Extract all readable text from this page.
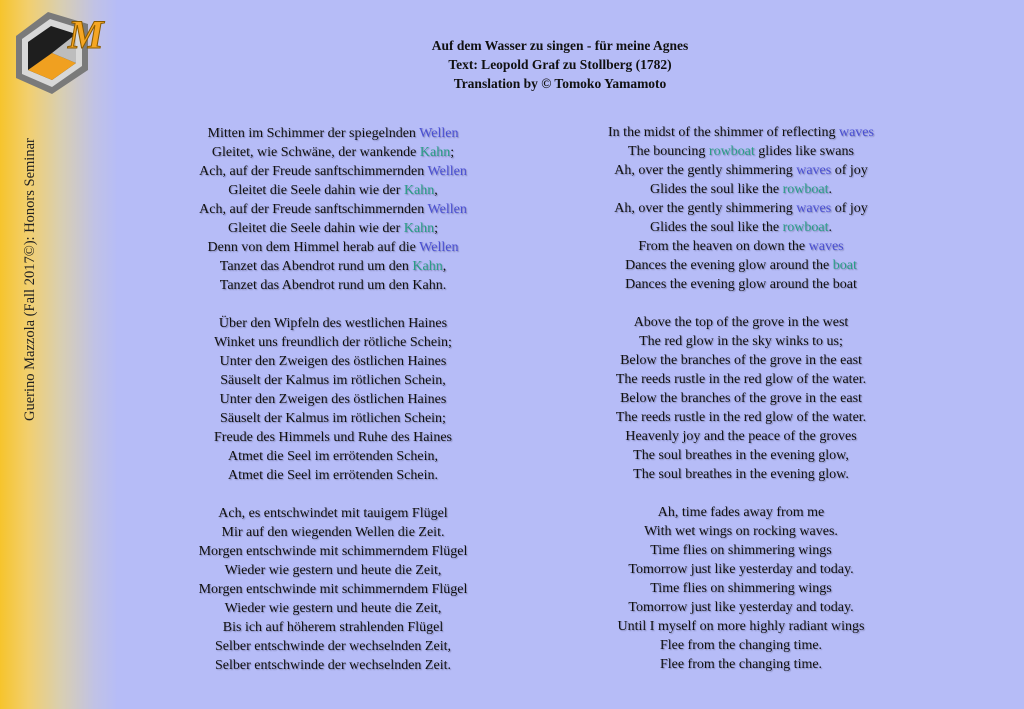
M
Guerino Mazzola (Fall 2017©): Honors Seminar
Auf dem Wasser zu singen - für meine Agnes
Text: Leopold Graf zu Stollberg (1782)
Translation by © Tomoko Yamamoto
Mitten im Schimmer der spiegelnden Wellen
Gleitet, wie Schwäne, der wankende Kahn;
Ach, auf der Freude sanftschimmernden Wellen
Gleitet die Seele dahin wie der Kahn,
Ach, auf der Freude sanftschimmernden Wellen
Gleitet die Seele dahin wie der Kahn;
Denn von dem Himmel herab auf die Wellen
Tanzet das Abendrot rund um den Kahn,
Tanzet das Abendrot rund um den Kahn.
Über den Wipfeln des westlichen Haines
Winket uns freundlich der rötliche Schein;
Unter den Zweigen des östlichen Haines
Säuselt der Kalmus im rötlichen Schein,
Unter den Zweigen des östlichen Haines
Säuselt der Kalmus im rötlichen Schein;
Freude des Himmels und Ruhe des Haines
Atmet die Seel im errötenden Schein,
Atmet die Seel im errötenden Schein.
Ach, es entschwindet mit tauigem Flügel
Mir auf den wiegenden Wellen die Zeit.
Morgen entschwinde mit schimmerndem Flügel
Wieder wie gestern und heute die Zeit,
Morgen entschwinde mit schimmerndem Flügel
Wieder wie gestern und heute die Zeit,
Bis ich auf höherem strahlenden Flügel
Selber entschwinde der wechselnden Zeit,
Selber entschwinde der wechselnden Zeit.
In the midst of the shimmer of reflecting waves
The bouncing rowboat glides like swans
Ah, over the gently shimmering waves of joy
Glides the soul like the rowboat.
Ah, over the gently shimmering waves of joy
Glides the soul like the rowboat.
From the heaven on down the waves
Dances the evening glow around the boat
Dances the evening glow around the boat
Above the top of the grove in the west
The red glow in the sky winks to us;
Below the branches of the grove in the east
The reeds rustle in the red glow of the water.
Below the branches of the grove in the east
The reeds rustle in the red glow of the water.
Heavenly joy and the peace of the groves
The soul breathes in the evening glow,
The soul breathes in the evening glow.
Ah, time fades away from me
With wet wings on rocking waves.
Time flies on shimmering wings
Tomorrow just like yesterday and today.
Time flies on shimmering wings
Tomorrow just like yesterday and today.
Until I myself on more highly radiant wings
Flee from the changing time.
Flee from the changing time.
